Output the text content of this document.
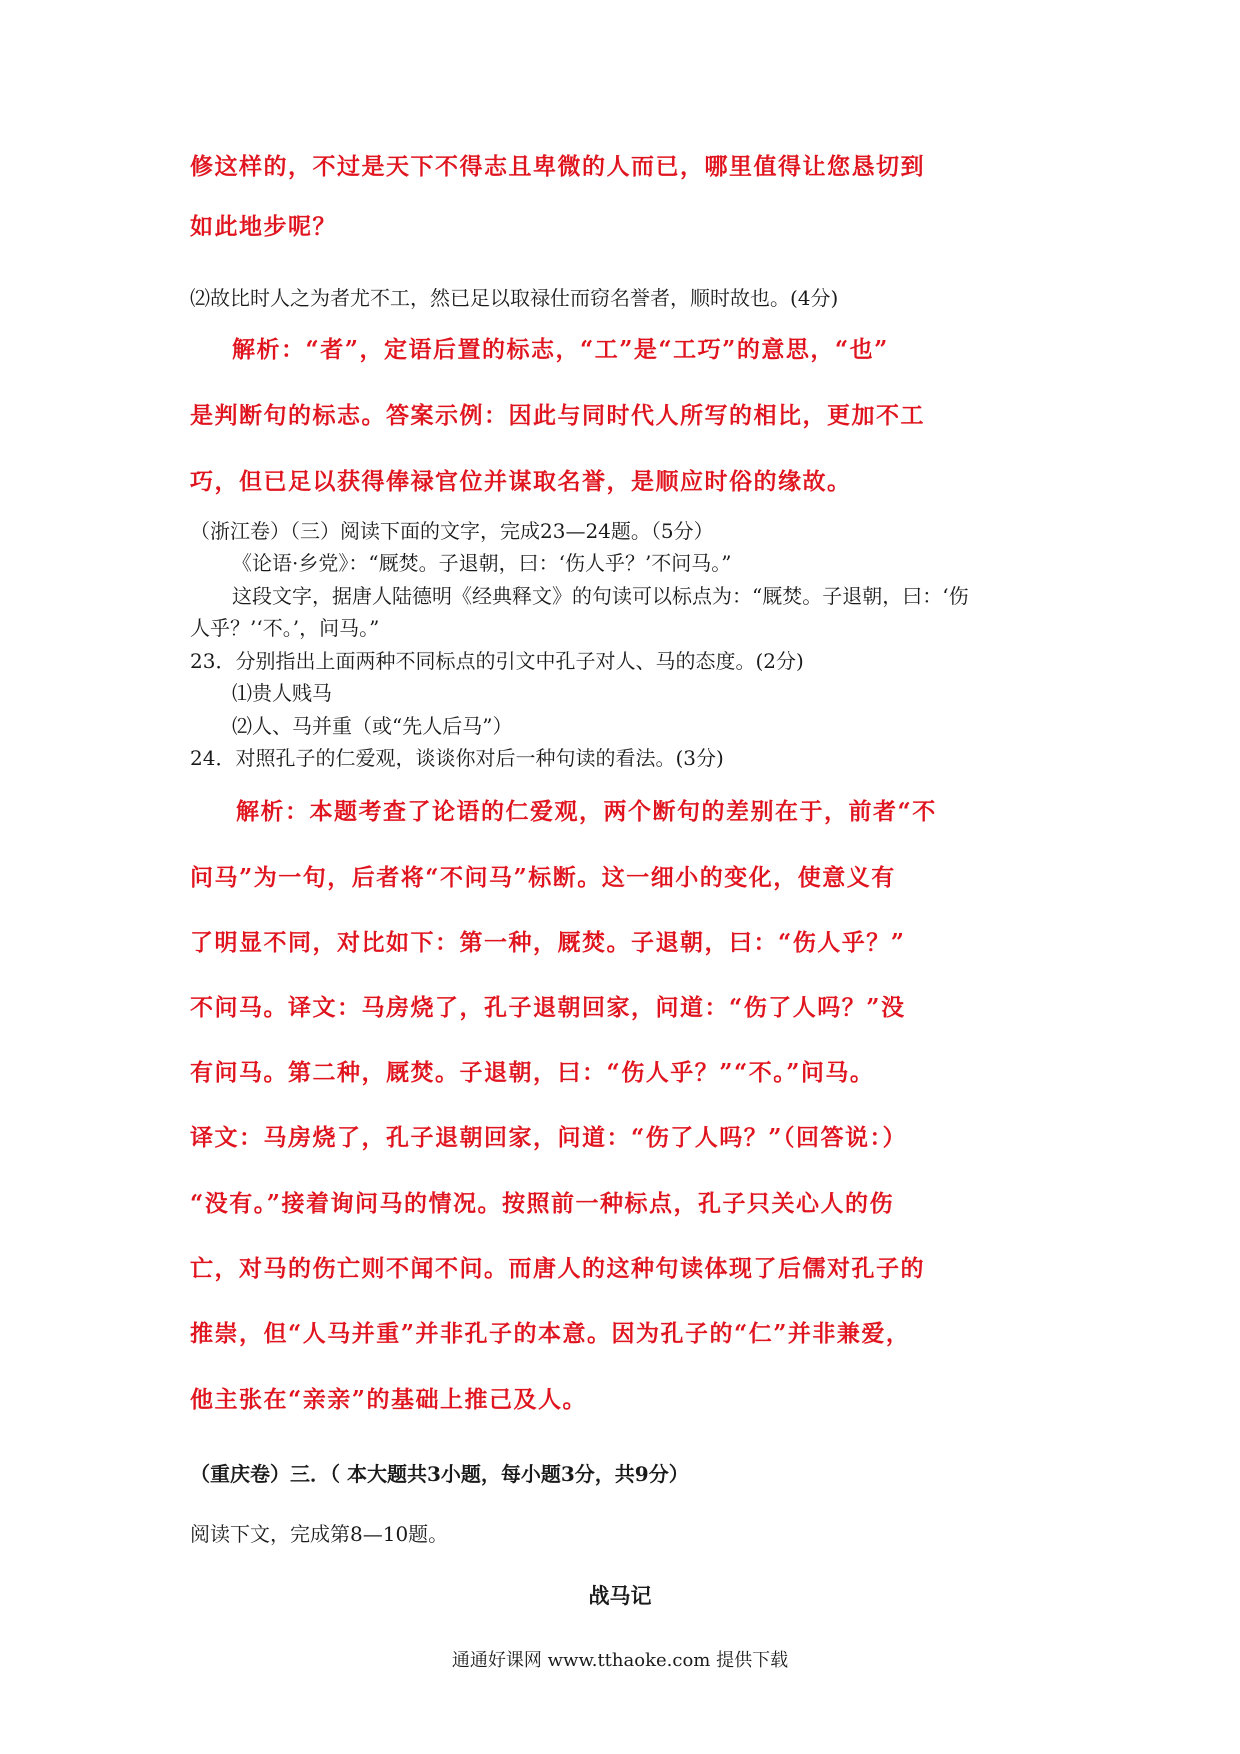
修这样的，不过是天下不得志且卑微的人而已，哪里值得让您恳切到
如此地步呢？
⑵故比时人之为者尤不工，然已足以取禄仕而窃名誉者，顺时故也。(4分)
解析：“者”，定语后置的标志，“工”是“工巧”的意思，“也”
是判断句的标志。答案示例：因此与同时代人所写的相比，更加不工
巧，但已足以获得俸禄官位并谋取名誉，是顺应时俗的缘故。
（浙江卷）（三）阅读下面的文字，完成23—24题。（5分）
《论语·乡党》：“厩焚。子退朝，曰：‘伤人乎？’不问马。”
这段文字，据唐人陆德明《经典释文》的句读可以标点为：“厩焚。子退朝，曰：‘伤
人乎？’‘不。’，问马。”
23．分别指出上面两种不同标点的引文中孔子对人、马的态度。(2分)
⑴贵人贱马
⑵人、马并重（或“先人后马”）
24．对照孔子的仁爱观，谈谈你对后一种句读的看法。(3分)
解析：本题考查了论语的仁爱观，两个断句的差别在于，前者“不
问马”为一句，后者将“不问马”标断。这一细小的变化，使意义有
了明显不同，对比如下：第一种，厩焚。子退朝，曰：“伤人乎？”
不问马。译文：马房烧了，孔子退朝回家，问道：“伤了人吗？”没
有问马。第二种，厩焚。子退朝，曰：“伤人乎？”“不。”问马。
译文：马房烧了，孔子退朝回家，问道：“伤了人吗？”（回答说：）
“没有。”接着询问马的情况。按照前一种标点，孔子只关心人的伤
亡，对马的伤亡则不闻不问。而唐人的这种句读体现了后儒对孔子的
推崇，但“人马并重”并非孔子的本意。因为孔子的“仁”并非兼爱，
他主张在“亲亲”的基础上推己及人。
（重庆卷）三．（ 本大题共3小题，每小题3分，共9分）
阅读下文，完成第8—10题。
战马记
通通好课网 www.tthaoke.com 提供下载
